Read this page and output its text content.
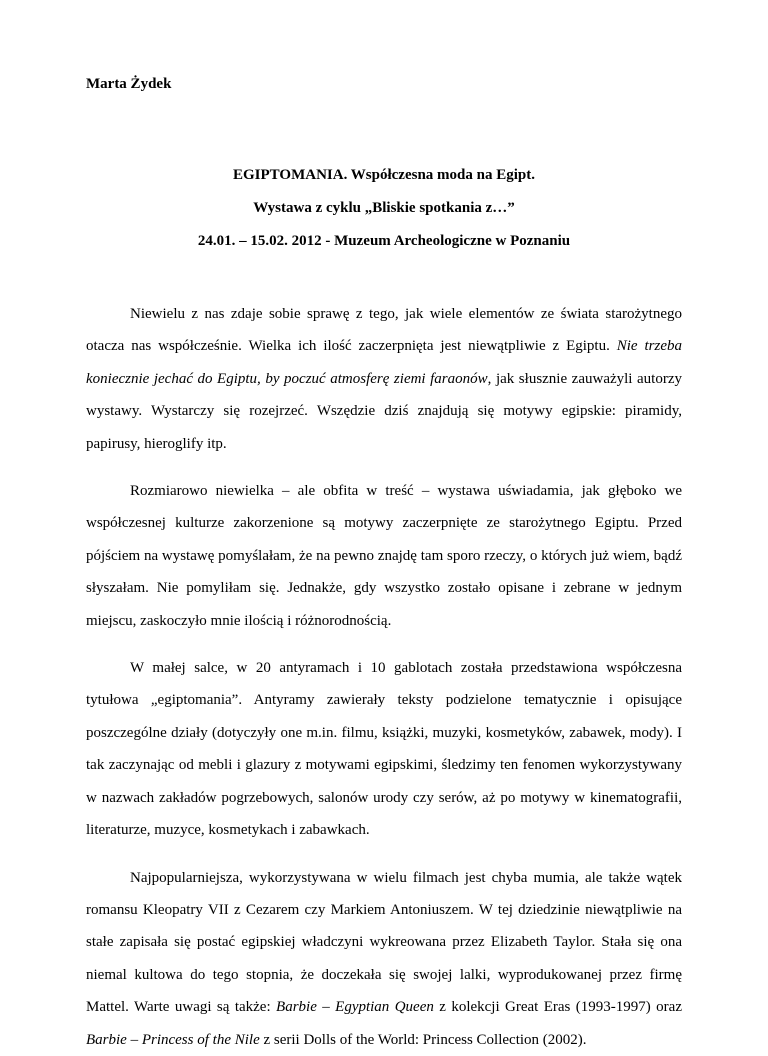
Marta Żydek

EGIPTOMANIA. Współczesna moda na Egipt.

Wystawa z cyklu „Bliskie spotkania z…”

24.01. – 15.02. 2012 - Muzeum Archeologiczne w Poznaniu

Niewielu z nas zdaje sobie sprawę z tego, jak wiele elementów ze świata starożytnego otacza nas współcześnie. Wielka ich ilość zaczerpnięta jest niewątpliwie z Egiptu. Nie trzeba koniecznie jechać do Egiptu, by poczuć atmosferę ziemi faraonów, jak słusznie zauważyli autorzy wystawy. Wystarczy się rozejrzeć. Wszędzie dziś znajdują się motywy egipskie: piramidy, papirusy, hieroglify itp.

Rozmiarowo niewielka – ale obfita w treść – wystawa uświadamia, jak głęboko we współczesnej kulturze zakorzenione są motywy zaczerpnięte ze starożytnego Egiptu. Przed pójściem na wystawę pomyślałam, że na pewno znajdę tam sporo rzeczy, o których już wiem, bądź słyszałam. Nie pomyliłam się. Jednakże, gdy wszystko zostało opisane i zebrane w jednym miejscu, zaskoczyło mnie ilością i różnorodnością.

W małej salce, w 20 antyramach i 10 gablotach została przedstawiona współczesna tytułowa „egiptomania”. Antyramy zawierały teksty podzielone tematycznie i opisujące poszczególne działy (dotyczyły one m.in. filmu, książki, muzyki, kosmetyków, zabawek, mody). I tak zaczynając od mebli i glazury z motywami egipskimi, śledzimy ten fenomen wykorzystywany w nazwach zakładów pogrzebowych, salonów urody czy serów, aż po motywy w kinematografii, literaturze, muzyce, kosmetykach i zabawkach.

Najpopularniejsza, wykorzystywana w wielu filmach jest chyba mumia, ale także wątek romansu Kleopatry VII z Cezarem czy Markiem Antoniuszem. W tej dziedzinie niewątpliwie na stałe zapisała się postać egipskiej władczyni wykreowana przez Elizabeth Taylor. Stała się ona niemal kultowa do tego stopnia, że doczekała się swojej lalki, wyprodukowanej przez firmę Mattel. Warte uwagi są także: Barbie – Egyptian Queen z kolekcji Great Eras (1993-1997) oraz Barbie – Princess of the Nile z serii Dolls of the World: Princess Collection (2002).
